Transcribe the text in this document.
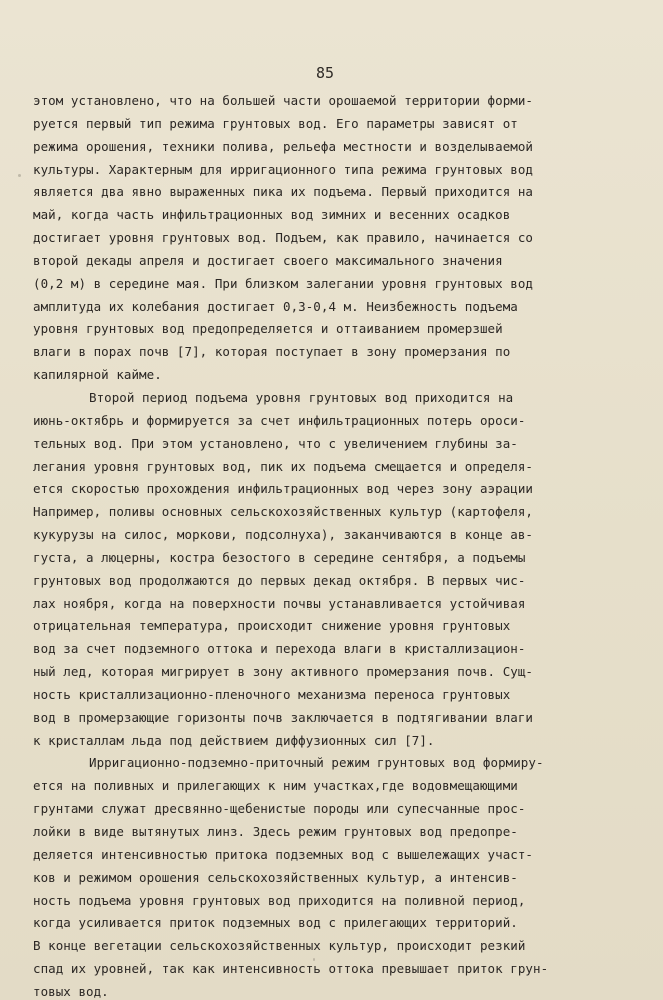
85
этом установлено, что на большей части орошаемой территории форми-
руется первый тип режима грунтовых вод. Его параметры зависят от
режима орошения, техники полива, рельефа местности и возделываемой
культуры. Характерным для ирригационного типа режима грунтовых вод
является два явно выраженных пика их подъема. Первый приходится на
май, когда часть инфильтрационных вод зимних и весенних осадков
достигает уровня грунтовых вод. Подъем, как правило, начинается со
второй декады апреля и достигает своего максимального значения
(0,2 м) в середине мая. При близком залегании уровня грунтовых вод
амплитуда их колебания достигает 0,3-0,4 м. Неизбежность подъема
уровня грунтовых вод предопределяется и оттаиванием промерзшей
влаги в порах почв [7], которая поступает в зону промерзания по
капилярной кайме.
Второй период подъема уровня грунтовых вод приходится на
июнь-октябрь и формируется за счет инфильтрационных потерь ороси-
тельных вод. При этом установлено, что с увеличением глубины за-
легания уровня грунтовых вод, пик их подъема смещается и определя-
ется скоростью прохождения инфильтрационных вод через зону аэрации
Например, поливы основных сельскохозяйственных культур (картофеля,
кукурузы на силос, моркови, подсолнуха), заканчиваются в конце ав-
густа, а люцерны, костра безостого в середине сентября, а подъемы
грунтовых вод продолжаются до первых декад октября. В первых чис-
лах ноября, когда на поверхности почвы устанавливается устойчивая
отрицательная температура, происходит снижение уровня грунтовых
вод за счет подземного оттока и перехода влаги в кристаллизацион-
ный лед, которая мигрирует в зону активного промерзания почв. Сущ-
ность кристаллизационно-пленочного механизма переноса грунтовых
вод в промерзающие горизонты почв заключается в подтягивании влаги
к кристаллам льда под действием диффузионных сил [7].
Ирригационно-подземно-приточный режим грунтовых вод формиру-
ется на поливных и прилегающих к ним участках,где водовмещающими
грунтами служат дресвянно-щебенистые породы или супесчанные прос-
лойки в виде вытянутых линз. Здесь режим грунтовых вод предопре-
деляется интенсивностью притока подземных вод с вышележащих участ-
ков и режимом орошения сельскохозяйственных культур, а интенсив-
ность подъема уровня грунтовых вод приходится на поливной период,
когда усиливается приток подземных вод с прилегающих территорий.
В конце вегетации сельскохозяйственных культур, происходит резкий
спад их уровней, так как интенсивность оттока превышает приток грун-
товых вод.
